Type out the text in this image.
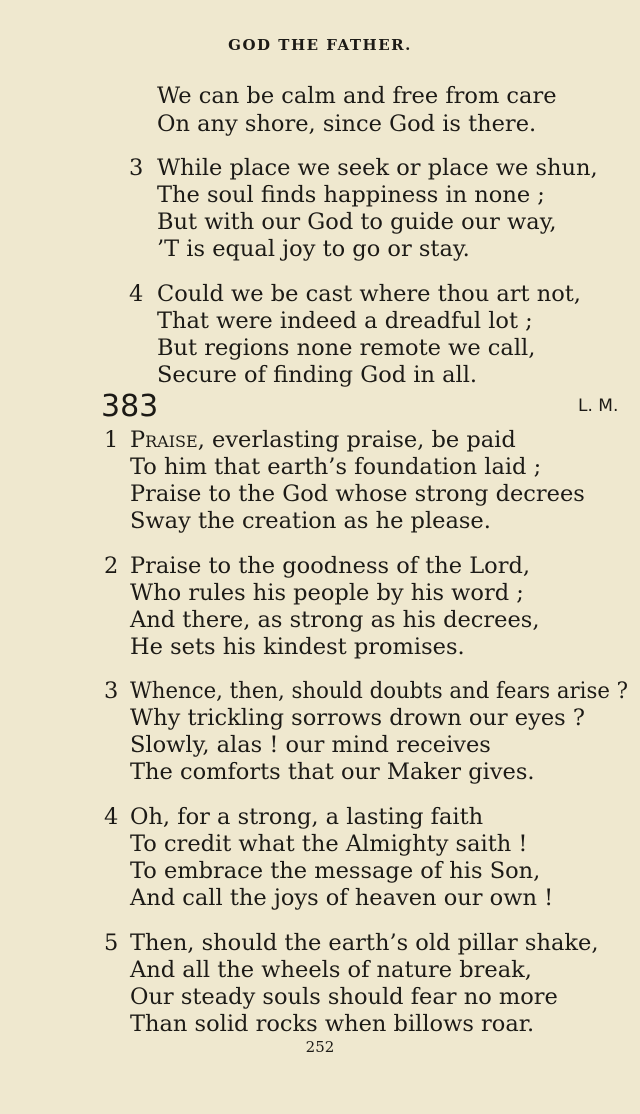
GOD THE FATHER.
We can be calm and free from care
On any shore, since God is there.
3 While place we seek or place we shun,
The soul finds happiness in none ;
But with our God to guide our way,
’T is equal joy to go or stay.
4 Could we be cast where thou art not,
That were indeed a dreadful lot ;
But regions none remote we call,
Secure of finding God in all.
383	L. M.
1 Praise, everlasting praise, be paid
To him that earth’s foundation laid ;
Praise to the God whose strong decrees
Sway the creation as he please.
2 Praise to the goodness of the Lord,
Who rules his people by his word ;
And there, as strong as his decrees,
He sets his kindest promises.
3 Whence, then, should doubts and fears arise ?
Why trickling sorrows drown our eyes ?
Slowly, alas ! our mind receives
The comforts that our Maker gives.
4 Oh, for a strong, a lasting faith
To credit what the Almighty saith !
To embrace the message of his Son,
And call the joys of heaven our own !
5 Then, should the earth’s old pillar shake,
And all the wheels of nature break,
Our steady souls should fear no more
Than solid rocks when billows roar.
252
